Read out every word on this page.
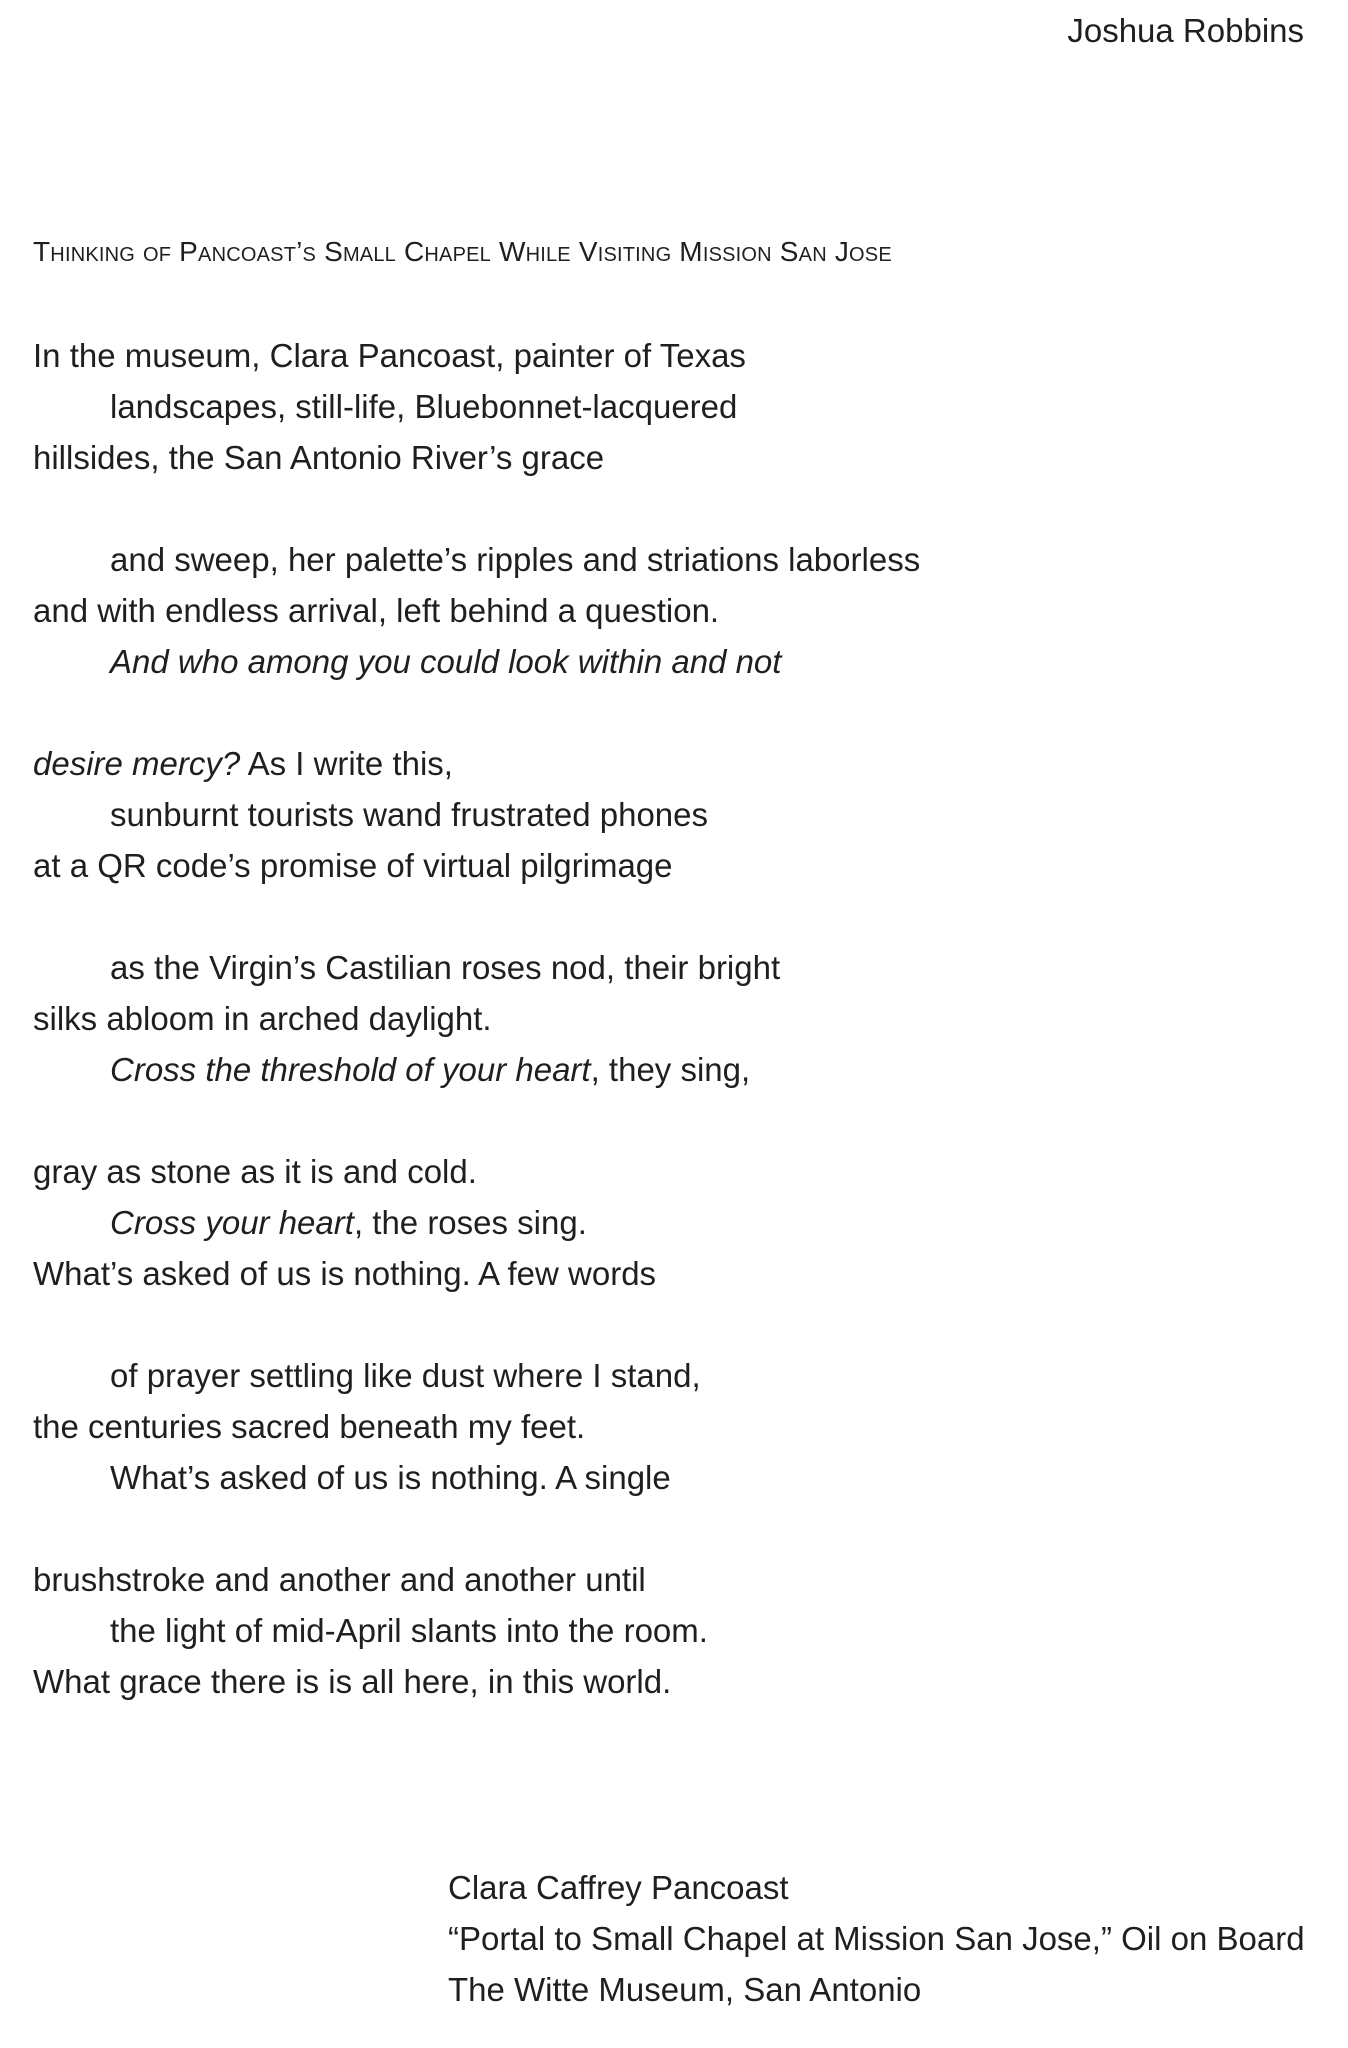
Joshua Robbins
Thinking of Pancoast’s Small Chapel While Visiting Mission San Jose
In the museum, Clara Pancoast, painter of Texas
landscapes, still-life, Bluebonnet-lacquered
hillsides, the San Antonio River’s grace
and sweep, her palette’s ripples and striations laborless
and with endless arrival, left behind a question.
And who among you could look within and not
desire mercy? As I write this,
sunburnt tourists wand frustrated phones
at a QR code’s promise of virtual pilgrimage
as the Virgin’s Castilian roses nod, their bright
silks abloom in arched daylight.
Cross the threshold of your heart, they sing,
gray as stone as it is and cold.
Cross your heart, the roses sing.
What’s asked of us is nothing. A few words
of prayer settling like dust where I stand,
the centuries sacred beneath my feet.
What’s asked of us is nothing. A single
brushstroke and another and another until
the light of mid-April slants into the room.
What grace there is is all here, in this world.
Clara Caffrey Pancoast
“Portal to Small Chapel at Mission San Jose,” Oil on Board
The Witte Museum, San Antonio
